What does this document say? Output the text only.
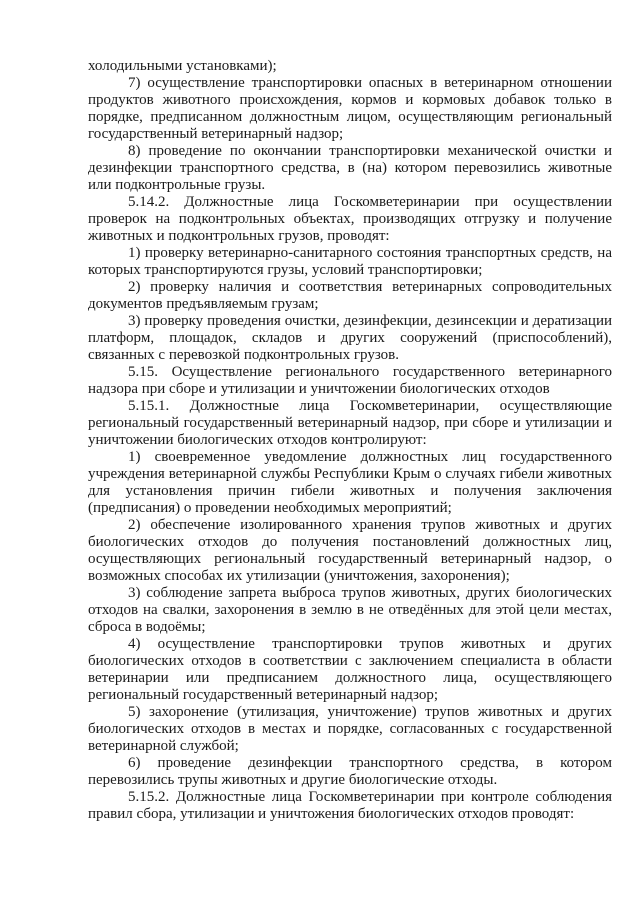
холодильными установками);

7) осуществление транспортировки опасных в ветеринарном отношении продуктов животного происхождения, кормов и кормовых добавок только в порядке, предписанном должностным лицом, осуществляющим региональный государственный ветеринарный надзор;

8) проведение по окончании транспортировки механической очистки и дезинфекции транспортного средства, в (на) котором перевозились животные или подконтрольные грузы.

5.14.2. Должностные лица Госкомветеринарии при осуществлении проверок на подконтрольных объектах, производящих отгрузку и получение животных и подконтрольных грузов, проводят:

1) проверку ветеринарно-санитарного состояния транспортных средств, на которых транспортируются грузы, условий транспортировки;

2) проверку наличия и соответствия ветеринарных сопроводительных документов предъявляемым грузам;

3) проверку проведения очистки, дезинфекции, дезинсекции и дератизации платформ, площадок, складов и других сооружений (приспособлений), связанных с перевозкой подконтрольных грузов.

5.15. Осуществление регионального государственного ветеринарного надзора при сборе и утилизации и уничтожении биологических отходов

5.15.1. Должностные лица Госкомветеринарии, осуществляющие региональный государственный ветеринарный надзор, при сборе и утилизации и уничтожении биологических отходов контролируют:

1) своевременное уведомление должностных лиц государственного учреждения ветеринарной службы Республики Крым о случаях гибели животных для установления причин гибели животных и получения заключения (предписания) о проведении необходимых мероприятий;

2) обеспечение изолированного хранения трупов животных и других биологических отходов до получения постановлений должностных лиц, осуществляющих региональный государственный ветеринарный надзор, о возможных способах их утилизации (уничтожения, захоронения);

3) соблюдение запрета выброса трупов животных, других биологических отходов на свалки, захоронения в землю в не отведённых для этой цели местах, сброса в водоёмы;

4) осуществление транспортировки трупов животных и других биологических отходов в соответствии с заключением специалиста в области ветеринарии или предписанием должностного лица, осуществляющего региональный государственный ветеринарный надзор;

5) захоронение (утилизация, уничтожение) трупов животных и других биологических отходов в местах и порядке, согласованных с государственной ветеринарной службой;

6) проведение дезинфекции транспортного средства, в котором перевозились трупы животных и другие биологические отходы.

5.15.2. Должностные лица Госкомветеринарии при контроле соблюдения правил сбора, утилизации и уничтожения биологических отходов проводят:
